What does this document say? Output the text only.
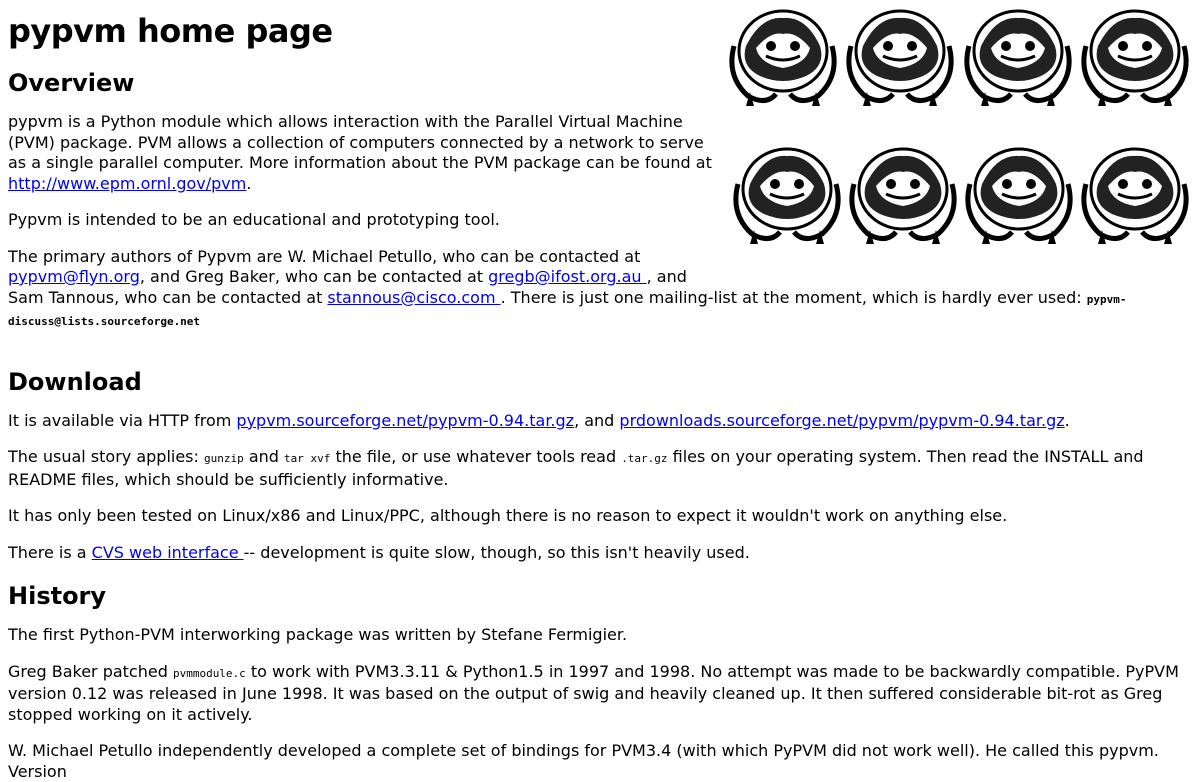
pypvm home page
Overview

pypvm is a Python module which allows interaction with the Parallel Virtual Machine (PVM) package. PVM allows a collection of computers connected by a network to serve as a single parallel computer. More information about the PVM package can be found at http://www.epm.ornl.gov/pvm.

Pypvm is intended to be an educational and prototyping tool.

The primary authors of Pypvm are W. Michael Petullo, who can be contacted at pypvm@flyn.org, and Greg Baker, who can be contacted at gregb@ifost.org.au , and Sam Tannous, who can be contacted at stannous@cisco.com . There is just one mailing-list at the moment, which is hardly ever used: pypvm-discuss@lists.sourceforge.net

Download

It is available via HTTP from pypvm.sourceforge.net/pypvm-0.94.tar.gz, and prdownloads.sourceforge.net/pypvm/pypvm-0.94.tar.gz.

The usual story applies: gunzip and tar xvf the file, or use whatever tools read .tar.gz files on your operating system. Then read the INSTALL and README files, which should be sufficiently informative.

It has only been tested on Linux/x86 and Linux/PPC, although there is no reason to expect it wouldn't work on anything else.

There is a CVS web interface -- development is quite slow, though, so this isn't heavily used.

History

The first Python-PVM interworking package was written by Stefane Fermigier.

Greg Baker patched pvmmodule.c to work with PVM3.3.11 & Python1.5 in 1997 and 1998. No attempt was made to be backwardly compatible. PyPVM version 0.12 was released in June 1998. It was based on the output of swig and heavily cleaned up. It then suffered considerable bit-rot as Greg stopped working on it actively.

W. Michael Petullo independently developed a complete set of bindings for PVM3.4 (with which PyPVM did not work well). He called this pypvm. Version
